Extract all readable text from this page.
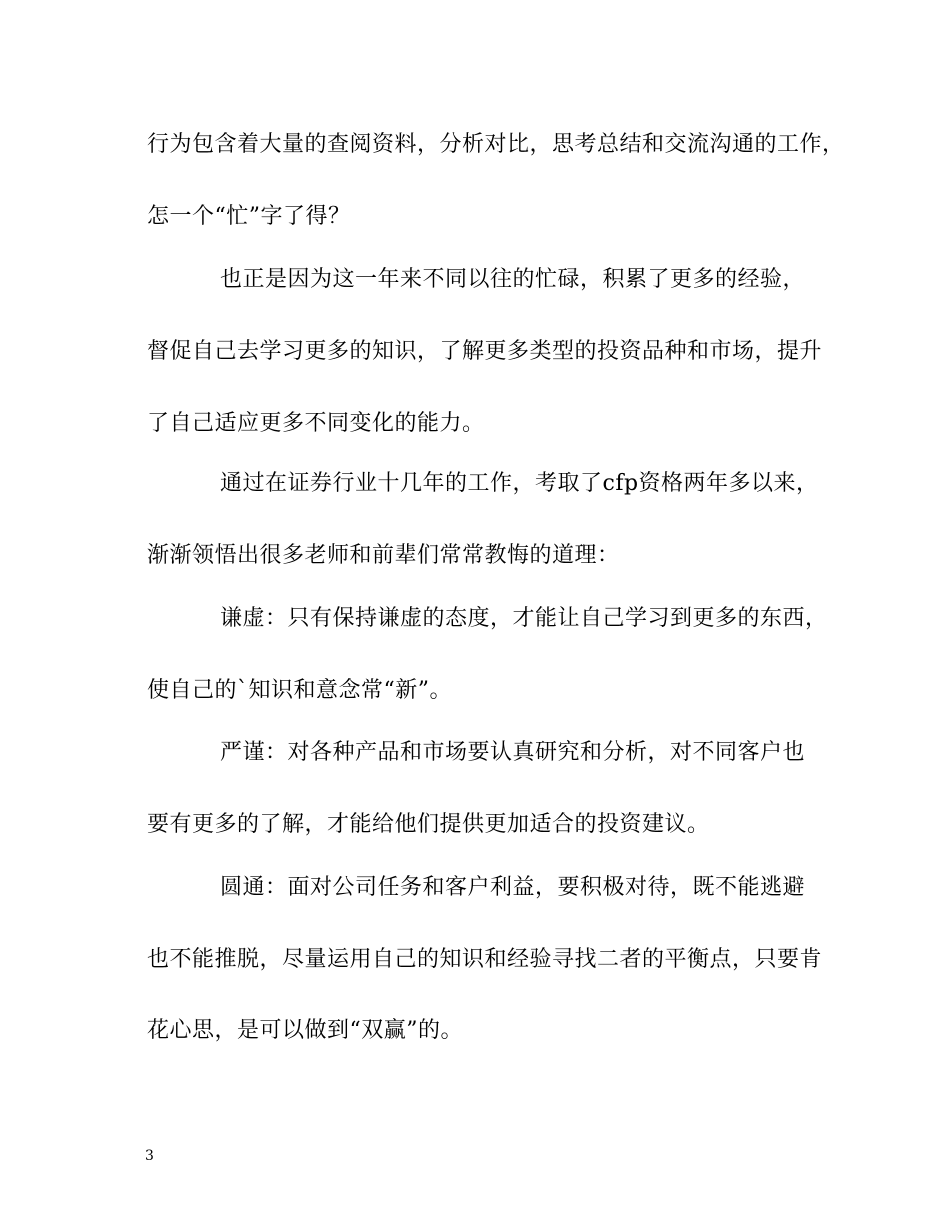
行为包含着大量的查阅资料，分析对比，思考总结和交流沟通的工作，
怎一个“忙”字了得？
也正是因为这一年来不同以往的忙碌，积累了更多的经验，
督促自己去学习更多的知识，了解更多类型的投资品种和市场，提升
了自己适应更多不同变化的能力。
通过在证券行业十几年的工作，考取了cfp资格两年多以来，
渐渐领悟出很多老师和前辈们常常教悔的道理：
谦虚：只有保持谦虚的态度，才能让自己学习到更多的东西，
使自己的`知识和意念常“新”。
严谨：对各种产品和市场要认真研究和分析，对不同客户也
要有更多的了解，才能给他们提供更加适合的投资建议。
圆通：面对公司任务和客户利益，要积极对待，既不能逃避
也不能推脱，尽量运用自己的知识和经验寻找二者的平衡点，只要肯
花心思，是可以做到“双赢”的。
3
